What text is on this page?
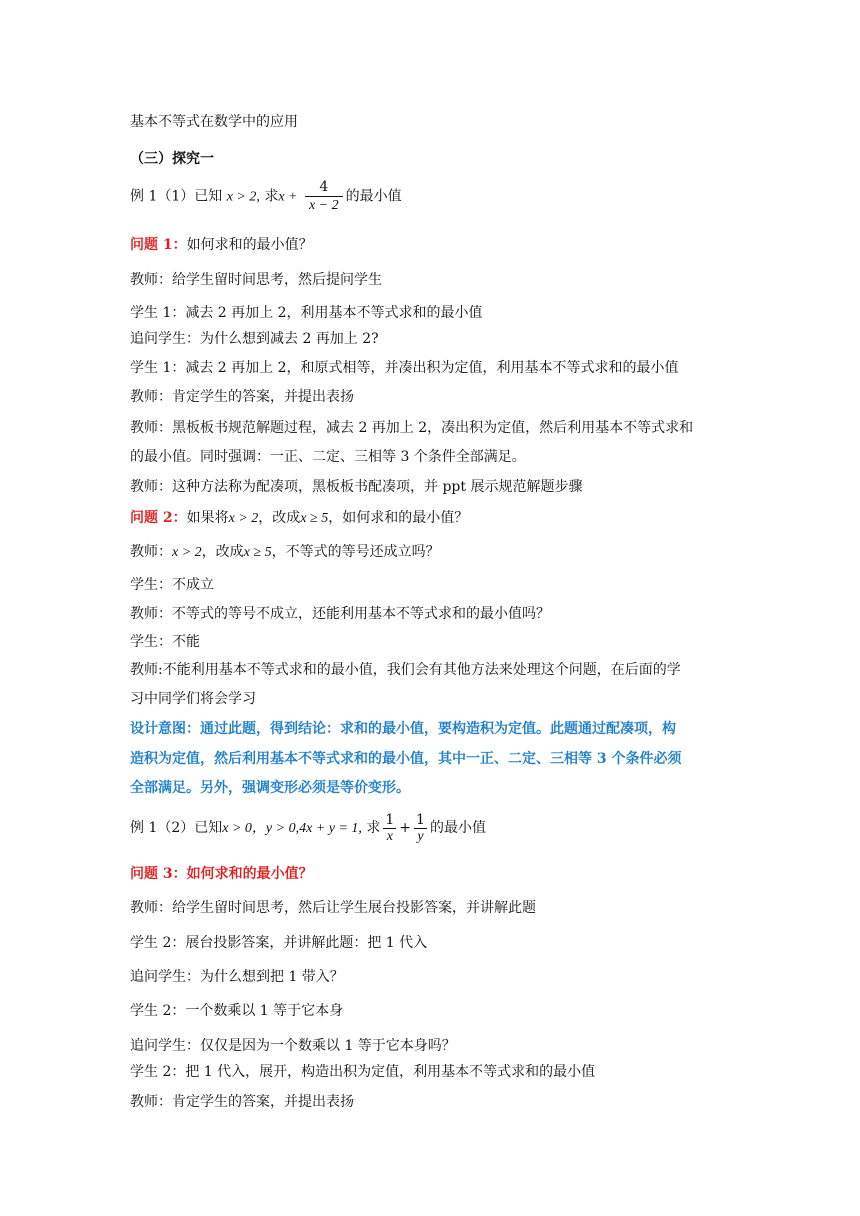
基本不等式在数学中的应用
（三）探究一
例 1（1）已知 x > 2, 求$x + \frac{4}{x - 2}$ 的最小值
问题 1：如何求和的最小值？
教师：给学生留时间思考，然后提问学生
学生 1：减去 2 再加上 2，利用基本不等式求和的最小值
追问学生：为什么想到减去 2 再加上 2?
学生 1：减去 2 再加上 2，和原式相等，并凑出积为定值，利用基本不等式求和的最小值
教师：肯定学生的答案，并提出表扬
教师：黑板板书规范解题过程，减去 2 再加上 2，凑出积为定值，然后利用基本不等式求和
的最小值。同时强调：一正、二定、三相等 3 个条件全部满足。
教师：这种方法称为配凑项，黑板板书配凑项，并 ppt 展示规范解题步骤
问题 2：如果将x > 2，改成x ≥ 5，如何求和的最小值？
教师：x > 2，改成x ≥ 5，不等式的等号还成立吗？
学生：不成立
教师：不等式的等号不成立，还能利用基本不等式求和的最小值吗？
学生：不能
教师:不能利用基本不等式求和的最小值，我们会有其他方法来处理这个问题，在后面的学
习中同学们将会学习
设计意图：通过此题，得到结论：求和的最小值，要构造积为定值。此题通过配凑项，构
造积为定值，然后利用基本不等式求和的最小值，其中一正、二定、三相等 3 个条件必须
全部满足。另外，强调变形必须是等价变形。
例 1（2）已知x > 0，y > 0,4x + y = 1, 求 $\frac{1}{x} + \frac{1}{y}$ 的最小值
问题 3：如何求和的最小值？
教师：给学生留时间思考，然后让学生展台投影答案，并讲解此题
学生 2：展台投影答案，并讲解此题：把 1 代入
追问学生：为什么想到把 1 带入？
学生 2：一个数乘以 1 等于它本身
追问学生：仅仅是因为一个数乘以 1 等于它本身吗？
学生 2：把 1 代入，展开，构造出积为定值，利用基本不等式求和的最小值
教师：肯定学生的答案，并提出表扬
